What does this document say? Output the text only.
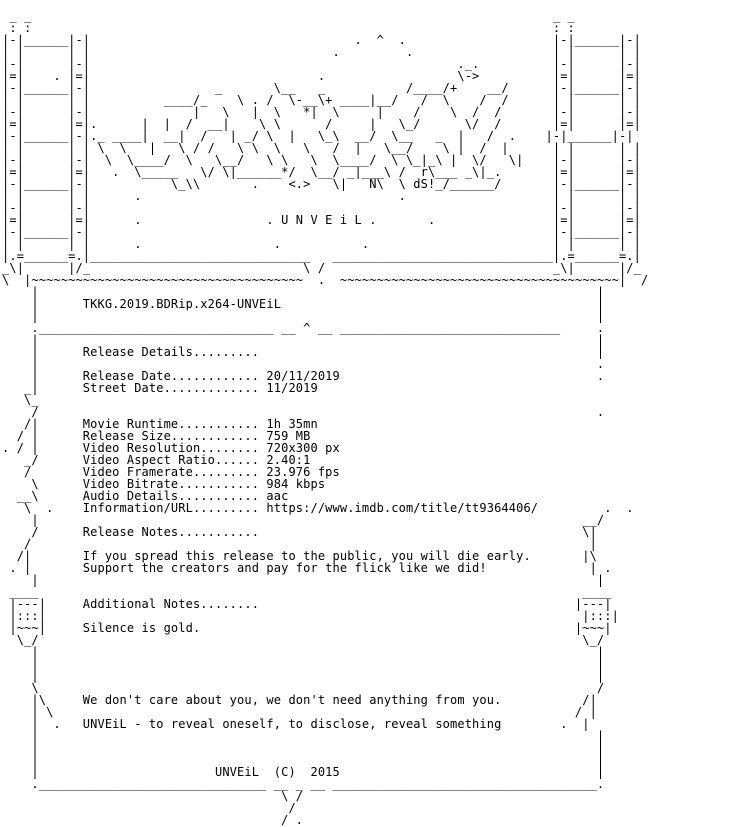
_ _                                                                       _ _
: :                                                                       : :
|-|______|-|                                    .  ^  .                    |-|______|-|
| |      | |                                 .         .                   | |      | |
|-|      |-|                                                  ._.          |-|      |-|
|=|    . |=|                               .                  \->          |=|      |=|
|-|______|-|                 _       \__   _           /____/+    __/      |-|______|-|
| |      | |          ____/_    \ . /  \-__\+ ____|__/   /  \    /  /      | |      | |
|-|      |-|              |   \   |  \   *|  \     |    /    \  /  /       |-|      |-|
|=|      |=|.      |  |  /  __|    \ \      /     |   \_/      \/  /       |=|      |=|
|-|______|-|._ ____|  __|  /   | _/ \  |   \_\  __/  \__   _  |   /  .    |-|______|-|
| |      | | \  \   |   \ / /   \ \  \   \   /  |   \__/    \ |  /  |      | |      | |
|-|      |-|  \  \____/  \   \__/   \ \   \  \____/  \ \_|_\ |  \/   \|    |-|      |-|
|=|      |=|   .  \_____   \/ \|______*/  \__/ _|___\ /  r\___ _\|_.       |=|      |=|
|-|______|-|           \_\\       .    <.>   \|   N\  \ dS!_/______/       |-|______|-|
| |      | |      .                                   .                    | |      | |
|-|      |-|                                                               |-|      |-|
|=|      |=|      .                 . U N V E i L .       .                |=|      |=|
|-|______|-|                                                               |-|______|-|
| |      | |      .                  .           .                         | |      | |
|.=______=.|______________________________   ______________________________|.=______=.|
_\|      |/_                             \ /                               _\|      |/_
\  |~~~~~~~~~~~~~~~~~~~~~~~~~~~~~~~~~~~~~  .  ~~~~~~~~~~~~~~~~~~~~~~~~~~~~~~~~~~~~~~|  /
|                                                                            |
|      TKKG.2019.BDRip.x264-UNVEiL                                           |
|                                                                            |
.________________________________ __ ^ __ ______________________________     .
|                                                                            |
|      Release Details.........                                              |
|                                                                            .
|      Release Date............ 20/11/2019                                   .
_|      Street Date............. 11/2019
\_
/                                                                            .
/|      Movie Runtime........... 1h 35mn
/ |      Release Size............ 759 MB
. / |      Video Resolution........ 720x300 px
_/      Video Aspect Ratio...... 2.40:1
/       Video Framerate......... 23.976 fps
\      Video Bitrate........... 984 kbps
__\      Audio Details........... aac
\  .    Information/URL......... https://www.imdb.com/title/tt9364406/         .  .
|                                                                          __/
/      Release Notes...........                                            \|
/                                                                            |
/|       If you spread this release to the public, you will die early.       |\
. |       Support the creators and pay for the flick like we did!              | .
|                                                                            |
____                                                                          ____
|---|     Additional Notes........                                           |---|
|:::|                                                                         |:::|
|~~~|     Silence is gold.                                                   |~~~|
\_/                                                                          \_/
|                                                                            |
|                                                                            |
|                                                                            |
\                                                                            /
|\     We don't care about you, we don't need anything from you.           /|
| \                                                                       / |
|  .   UNVEiL - to reveal oneself, to disclose, reveal something        .  |
|                                                                            |
|                                                                            |
|                                                                            |
|                        UNVEiL  (C)  2015                                   |
._______________________________ __ _ __ ____________________________________.
\ /
/
/ .
